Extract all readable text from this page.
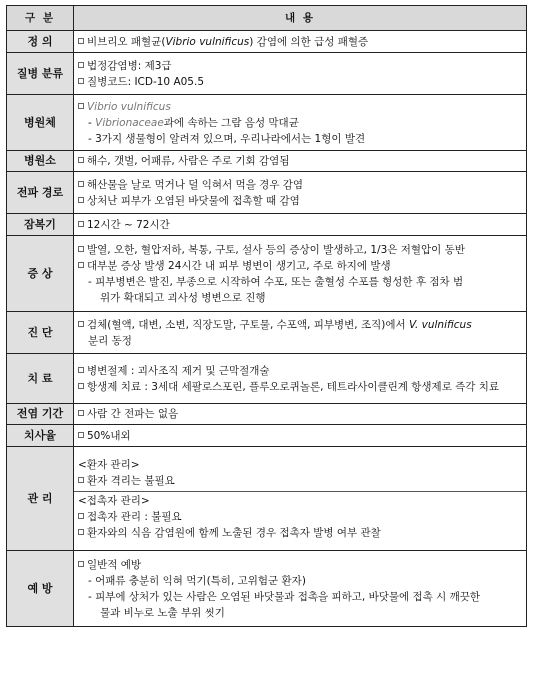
구 분	내 용
정 의	비브리오 패혈균(Vibrio vulnificus) 감염에 의한 급성 패혈증

질병 분류	법정감염병: 제3급
질병코드: ICD-10 A05.5

병원체	Vibrio vulnificus
- Vibrionaceae과에 속하는 그람 음성 막대균
- 3가지 생물형이 알려져 있으며, 우리나라에서는 1형이 발견

병원소	해수, 갯벌, 어패류, 사람은 주로 기회 감염됨

전파 경로	해산물을 날로 먹거나 덜 익혀서 먹을 경우 감염
상처난 피부가 오염된 바닷물에 접촉할 때 감염

잠복기	12시간 ~ 72시간

증 상	발열, 오한, 혈압저하, 복통, 구토, 설사 등의 증상이 발생하고, 1/3은 저혈압이 동반
대부분 증상 발생 24시간 내 피부 병변이 생기고, 주로 하지에 발생
- 피부병변은 발진, 부종으로 시작하여 수포, 또는 출혈성 수포를 형성한 후 점차 범
위가 확대되고 괴사성 병변으로 진행

진 단	검체(혈액, 대변, 소변, 직장도말, 구토물, 수포액, 피부병변, 조직)에서 V. vulnificus
분리 동정

치 료	병변절제 : 괴사조직 제거 및 근막절개술
항생제 치료 : 3세대 세팔로스포린, 플루오로퀴놀론, 테트라사이클린계 항생제로 즉각 치료

전염 기간	사람 간 전파는 없음

치사율	50%내외

관 리	<환자 관리>
환자 격리는 불필요
<접촉자 관리>
접촉자 관리 : 불필요
환자와의 식음 감염원에 함께 노출된 경우 접촉자 발병 여부 관찰

예 방	일반적 예방
- 어패류 충분히 익혀 먹기(특히, 고위험군 환자)
- 피부에 상처가 있는 사람은 오염된 바닷물과 접촉을 피하고, 바닷물에 접촉 시 깨끗한
물과 비누로 노출 부위 씻기
